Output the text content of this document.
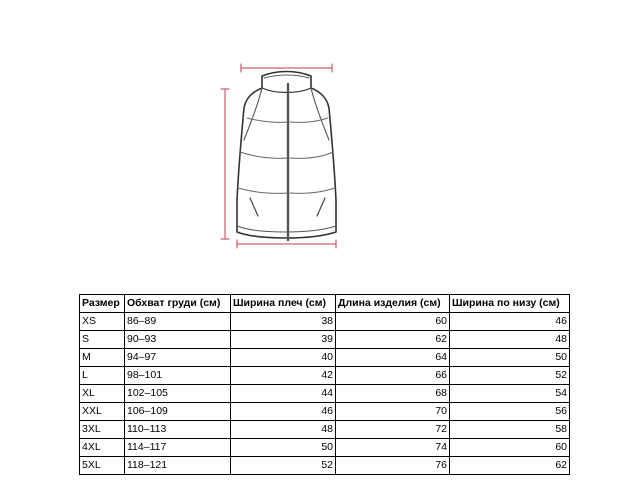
Размер	Обхват груди (см)	Ширина плеч (см)	Длина изделия (см)	Ширина по низу (см)
XS	86–89	38	60	46
S	90–93	39	62	48
M	94–97	40	64	50
L	98–101	42	66	52
XL	102–105	44	68	54
XXL	106–109	46	70	56
3XL	110–113	48	72	58
4XL	114–117	50	74	60
5XL	118–121	52	76	62
